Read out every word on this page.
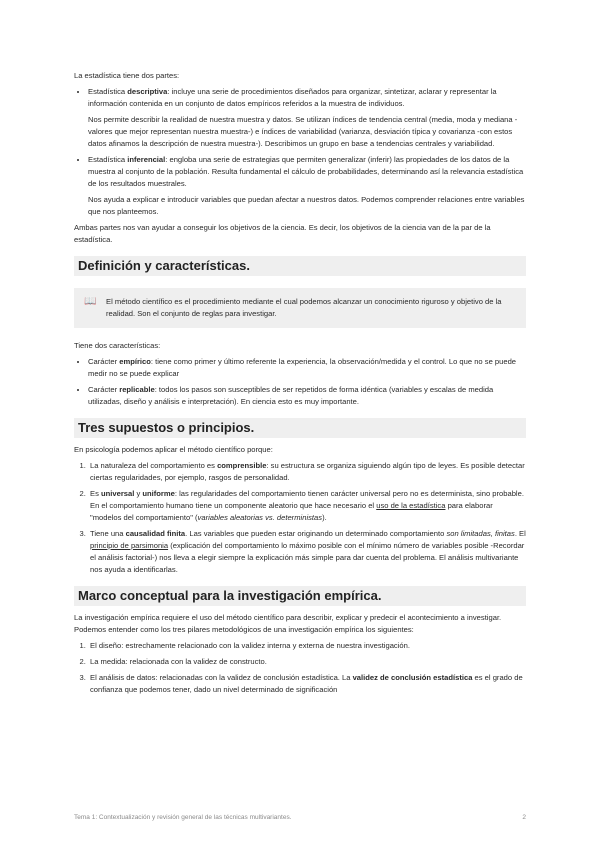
La estadística tiene dos partes:

• Estadística descriptiva: incluye una serie de procedimientos diseñados para organizar, sintetizar, aclarar y representar la información contenida en un conjunto de datos empíricos referidos a la muestra de individuos.

Nos permite describir la realidad de nuestra muestra y datos. Se utilizan índices de tendencia central (media, moda y mediana -valores que mejor representan nuestra muestra-) e índices de variabilidad (varianza, desviación típica y covarianza -con estos datos afinamos la descripción de nuestra muestra-). Describimos un grupo en base a tendencias centrales y variabilidad.

• Estadística inferencial: engloba una serie de estrategias que permiten generalizar (inferir) las propiedades de los datos de la muestra al conjunto de la población. Resulta fundamental el cálculo de probabilidades, determinando así la relevancia estadística de los resultados muestrales.

Nos ayuda a explicar e introducir variables que puedan afectar a nuestros datos. Podemos comprender relaciones entre variables que nos planteemos.

Ambas partes nos van ayudar a conseguir los objetivos de la ciencia. Es decir, los objetivos de la ciencia van de la par de la estadística.

Definición y características.
📖 El método científico es el procedimiento mediante el cual podemos alcanzar un conocimiento riguroso y objetivo de la realidad. Son el conjunto de reglas para investigar.

Tiene dos características:

• Carácter empírico: tiene como primer y último referente la experiencia, la observación/medida y el control. Lo que no se puede medir no se puede explicar
• Carácter replicable: todos los pasos son susceptibles de ser repetidos de forma idéntica (variables y escalas de medida utilizadas, diseño y análisis e interpretación). En ciencia esto es muy importante.
Tres supuestos o principios.

En psicología podemos aplicar el método científico porque:

1. La naturaleza del comportamiento es comprensible: su estructura se organiza siguiendo algún tipo de leyes. Es posible detectar ciertas regularidades, por ejemplo, rasgos de personalidad.
2. Es universal y uniforme: las regularidades del comportamiento tienen carácter universal pero no es determinista, sino probable. En el comportamiento humano tiene un componente aleatorio que hace necesario el uso de la estadística para elaborar "modelos del comportamiento" (variables aleatorias vs. deterministas).
3. Tiene una causalidad finita. Las variables que pueden estar originando un determinado comportamiento son limitadas, finitas. El principio de parsimonia (explicación del comportamiento lo máximo posible con el mínimo número de variables posible -Recordar el análisis factorial-) nos lleva a elegir siempre la explicación más simple para dar cuenta del problema. El análisis multivariante nos ayuda a identificarlas.
Marco conceptual para la investigación empírica.

La investigación empírica requiere el uso del método científico para describir, explicar y predecir el acontecimiento a investigar. Podemos entender como los tres pilares metodológicos de una investigación empírica los siguientes:

1. El diseño: estrechamente relacionado con la validez interna y externa de nuestra investigación.
2. La medida: relacionada con la validez de constructo.
3. El análisis de datos: relacionadas con la validez de conclusión estadística. La validez de conclusión estadística es el grado de confianza que podemos tener, dado un nivel determinado de significación
Tema 1: Contextualización y revisión general de las técnicas multivariantes.	2
